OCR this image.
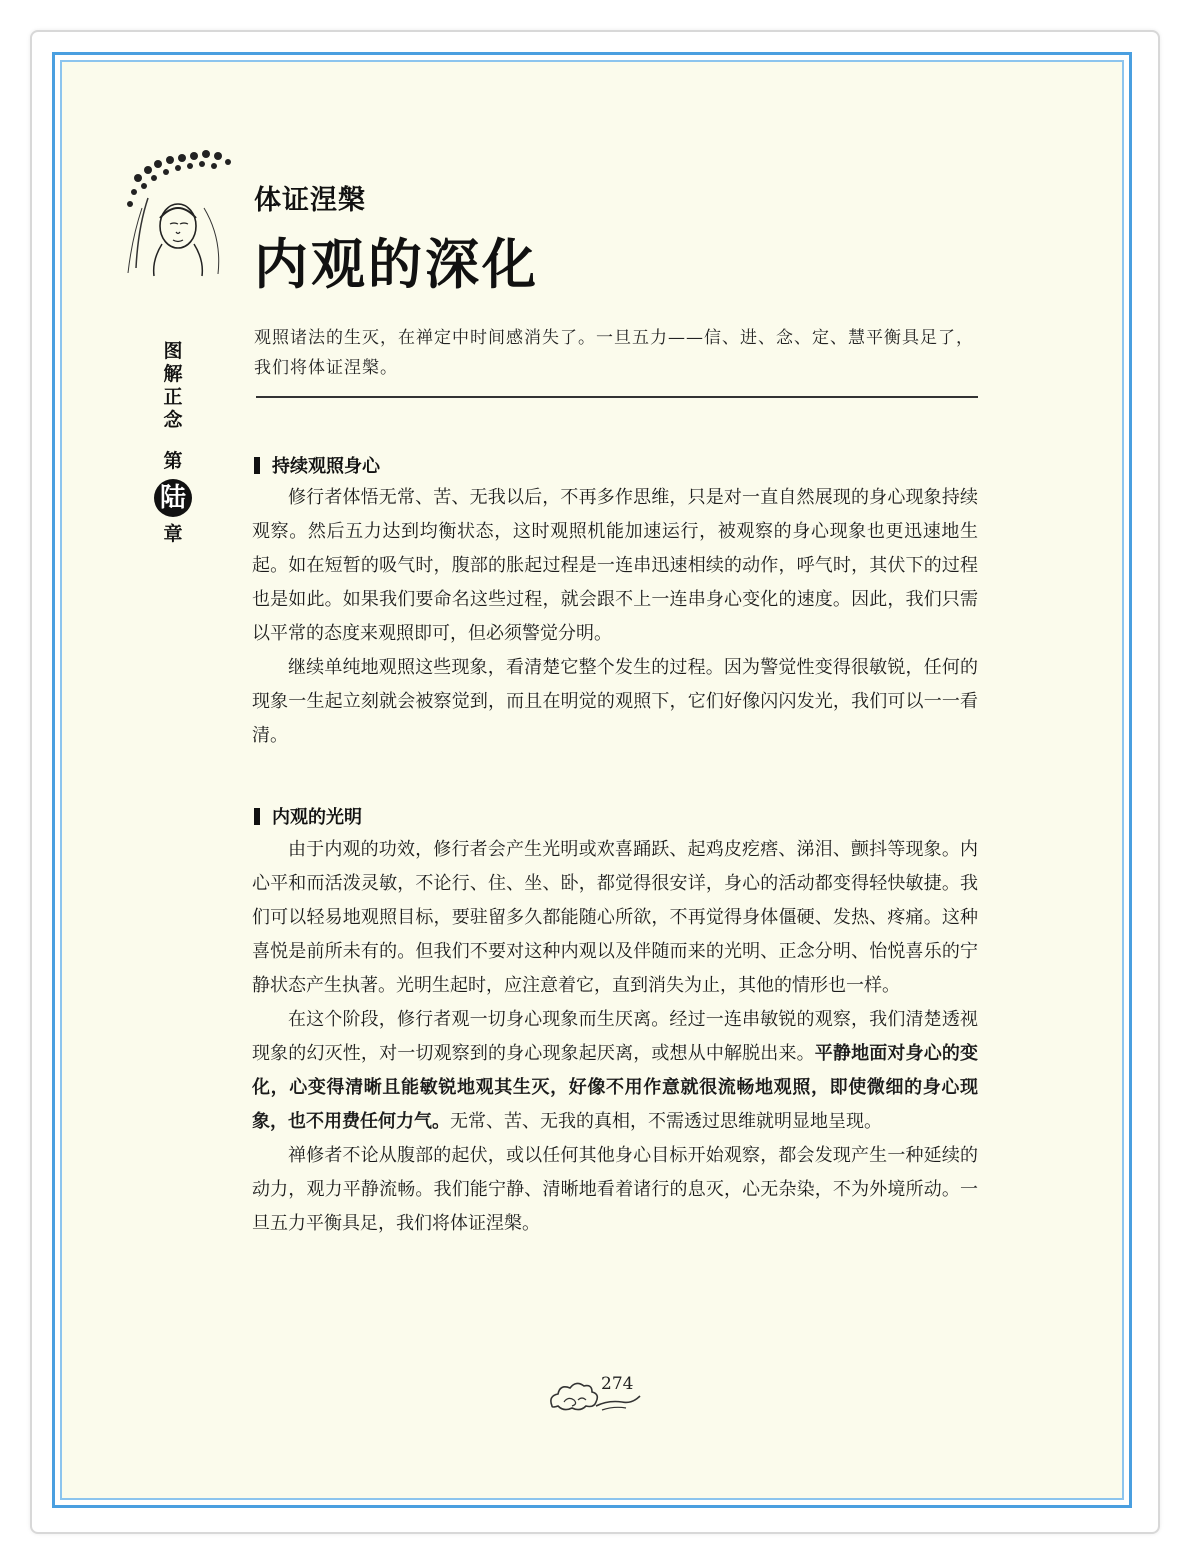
体证涅槃
内观的深化
图
解
正
念
第
陆
章
观照诸法的生灭，在禅定中时间感消失了。一旦五力——信、进、念、定、慧平衡具足了，我们将体证涅槃。
持续观照身心

修行者体悟无常、苦、无我以后，不再多作思维，只是对一直自然展现的身心现象持续观察。然后五力达到均衡状态，这时观照机能加速运行，被观察的身心现象也更迅速地生起。如在短暂的吸气时，腹部的胀起过程是一连串迅速相续的动作，呼气时，其伏下的过程也是如此。如果我们要命名这些过程，就会跟不上一连串身心变化的速度。因此，我们只需以平常的态度来观照即可，但必须警觉分明。

继续单纯地观照这些现象，看清楚它整个发生的过程。因为警觉性变得很敏锐，任何的现象一生起立刻就会被察觉到，而且在明觉的观照下，它们好像闪闪发光，我们可以一一看清。

内观的光明

由于内观的功效，修行者会产生光明或欢喜踊跃、起鸡皮疙瘩、涕泪、颤抖等现象。内心平和而活泼灵敏，不论行、住、坐、卧，都觉得很安详，身心的活动都变得轻快敏捷。我们可以轻易地观照目标，要驻留多久都能随心所欲，不再觉得身体僵硬、发热、疼痛。这种喜悦是前所未有的。但我们不要对这种内观以及伴随而来的光明、正念分明、怡悦喜乐的宁静状态产生执著。光明生起时，应注意着它，直到消失为止，其他的情形也一样。

在这个阶段，修行者观一切身心现象而生厌离。经过一连串敏锐的观察，我们清楚透视现象的幻灭性，对一切观察到的身心现象起厌离，或想从中解脱出来。平静地面对身心的变化，心变得清晰且能敏锐地观其生灭，好像不用作意就很流畅地观照，即使微细的身心现象，也不用费任何力气。无常、苦、无我的真相，不需透过思维就明显地呈现。

禅修者不论从腹部的起伏，或以任何其他身心目标开始观察，都会发现产生一种延续的动力，观力平静流畅。我们能宁静、清晰地看着诸行的息灭，心无杂染，不为外境所动。一旦五力平衡具足，我们将体证涅槃。

274
